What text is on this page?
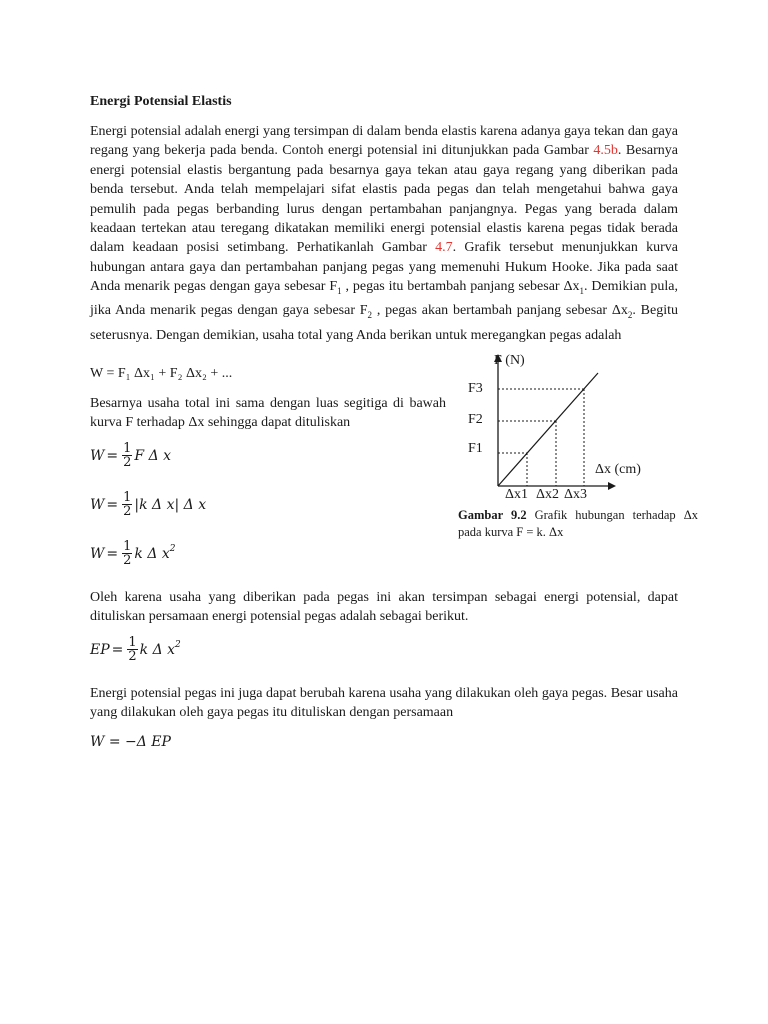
Energi Potensial Elastis
Energi potensial adalah energi yang tersimpan di dalam benda elastis karena adanya gaya tekan dan gaya regang yang bekerja pada benda. Contoh energi potensial ini ditunjukkan pada Gambar 4.5b. Besarnya energi potensial elastis bergantung pada besarnya gaya tekan atau gaya regang yang diberikan pada benda tersebut. Anda telah mempelajari sifat elastis pada pegas dan telah mengetahui bahwa gaya pemulih pada pegas berbanding lurus dengan pertambahan panjangnya. Pegas yang berada dalam keadaan tertekan atau teregang dikatakan memiliki energi potensial elastis karena pegas tidak berada dalam keadaan posisi setimbang. Perhatikanlah Gambar 4.7. Grafik tersebut menunjukkan kurva hubungan antara gaya dan pertambahan panjang pegas yang memenuhi Hukum Hooke. Jika pada saat Anda menarik pegas dengan gaya sebesar $F_1$ , pegas itu bertambah panjang sebesar $\Delta x_1$. Demikian pula, jika Anda menarik pegas dengan gaya sebesar $F_2$ , pegas akan bertambah panjang sebesar $\Delta x_2$. Begitu seterusnya. Dengan demikian, usaha total yang Anda berikan untuk meregangkan pegas adalah
W = F₁ Δx₁ + F₂ Δx₂ + ...
Besarnya usaha total ini sama dengan luas segitiga di bawah kurva F terhadap Δx sehingga dapat dituliskan
$W = \frac{1}{2}$ F Δ x
$W = \frac{1}{2} |k$ Δ x| Δ x
$W = \frac{1}{2}$ k Δ $x^2$
Oleh karena usaha yang diberikan pada pegas ini akan tersimpan sebagai energi potensial, dapat dituliskan persamaan energi potensial pegas adalah sebagai berikut.
EP = $\frac{1}{2}$ k Δ $x^2$
Energi potensial pegas ini juga dapat berubah karena usaha yang dilakukan oleh gaya pegas. Besar usaha yang dilakukan oleh gaya pegas itu dituliskan dengan persamaan
W = −Δ EP
Gambar 9.2 Grafik hubungan terhadap Δx pada kurva F = k. Δx
F (N)
F3
F2
F1
Δx (cm)
Δx1 Δx2 Δx3
